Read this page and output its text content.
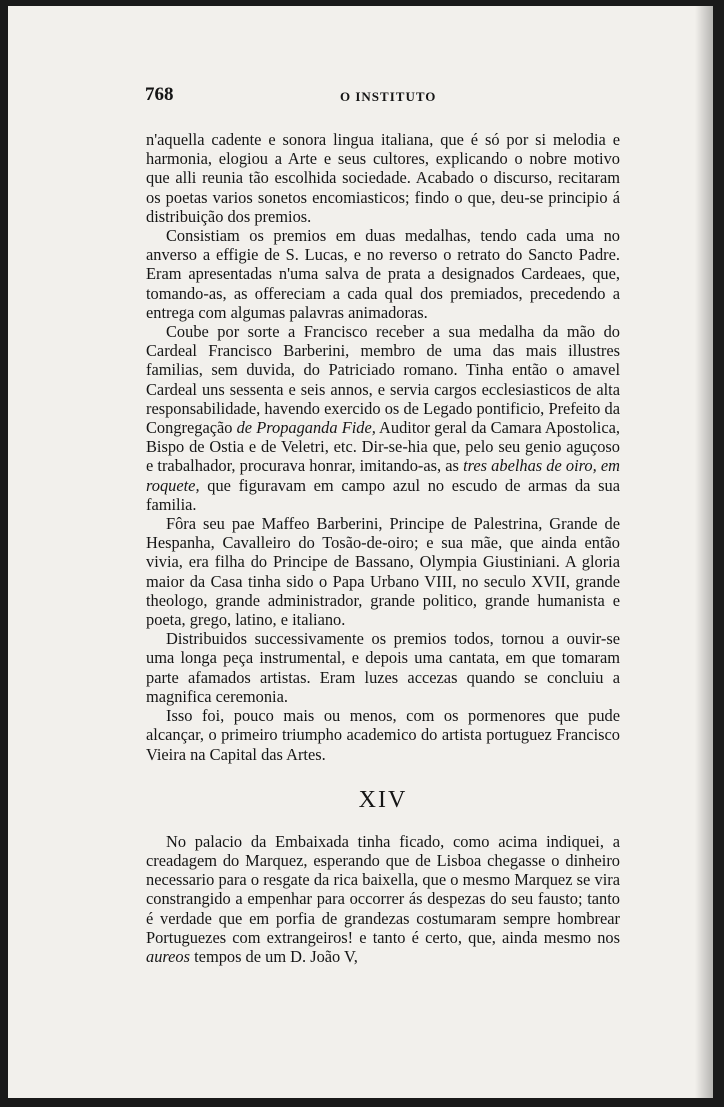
768	O INSTITUTO

n'aquella cadente e sonora lingua italiana, que é só por si melodia e harmonia, elogiou a Arte e seus cultores, explicando o nobre motivo que alli reunia tão escolhida sociedade. Acabado o discurso, recitaram os poetas varios sonetos encomiasticos; findo o que, deu-se principio á distribuição dos premios.

Consistiam os premios em duas medalhas, tendo cada uma no anverso a effigie de S. Lucas, e no reverso o retrato do Sancto Padre. Eram apresentadas n'uma salva de prata a designados Cardeaes, que, tomando-as, as offereciam a cada qual dos premiados, precedendo a entrega com algumas palavras animadoras.

Coube por sorte a Francisco receber a sua medalha da mão do Cardeal Francisco Barberini, membro de uma das mais illustres familias, sem duvida, do Patriciado romano. Tinha então o amavel Cardeal uns sessenta e seis annos, e servia cargos ecclesiasticos de alta responsabilidade, havendo exercido os de Legado pontificio, Prefeito da Congregação de Propaganda Fide, Auditor geral da Camara Apostolica, Bispo de Ostia e de Veletri, etc. Dir-se-hia que, pelo seu genio aguçoso e trabalhador, procurava honrar, imitando-as, as tres abelhas de oiro, em roquete, que figuravam em campo azul no escudo de armas da sua familia.

Fôra seu pae Maffeo Barberini, Principe de Palestrina, Grande de Hespanha, Cavalleiro do Tosão-de-oiro; e sua mãe, que ainda então vivia, era filha do Principe de Bassano, Olympia Giustiniani. A gloria maior da Casa tinha sido o Papa Urbano VIII, no seculo XVII, grande theologo, grande administrador, grande politico, grande humanista e poeta, grego, latino, e italiano.

Distribuidos successivamente os premios todos, tornou a ouvir-se uma longa peça instrumental, e depois uma cantata, em que tomaram parte afamados artistas. Eram luzes accezas quando se concluiu a magnifica ceremonia.

Isso foi, pouco mais ou menos, com os pormenores que pude alcançar, o primeiro triumpho academico do artista portuguez Francisco Vieira na Capital das Artes.

XIV

No palacio da Embaixada tinha ficado, como acima indiquei, a creadagem do Marquez, esperando que de Lisboa chegasse o dinheiro necessario para o resgate da rica baixella, que o mesmo Marquez se vira constrangido a empenhar para occorrer ás despezas do seu fausto; tanto é verdade que em porfia de grandezas costumaram sempre hombrear Portuguezes com extrangeiros! e tanto é certo, que, ainda mesmo nos aureos tempos de um D. João V,
